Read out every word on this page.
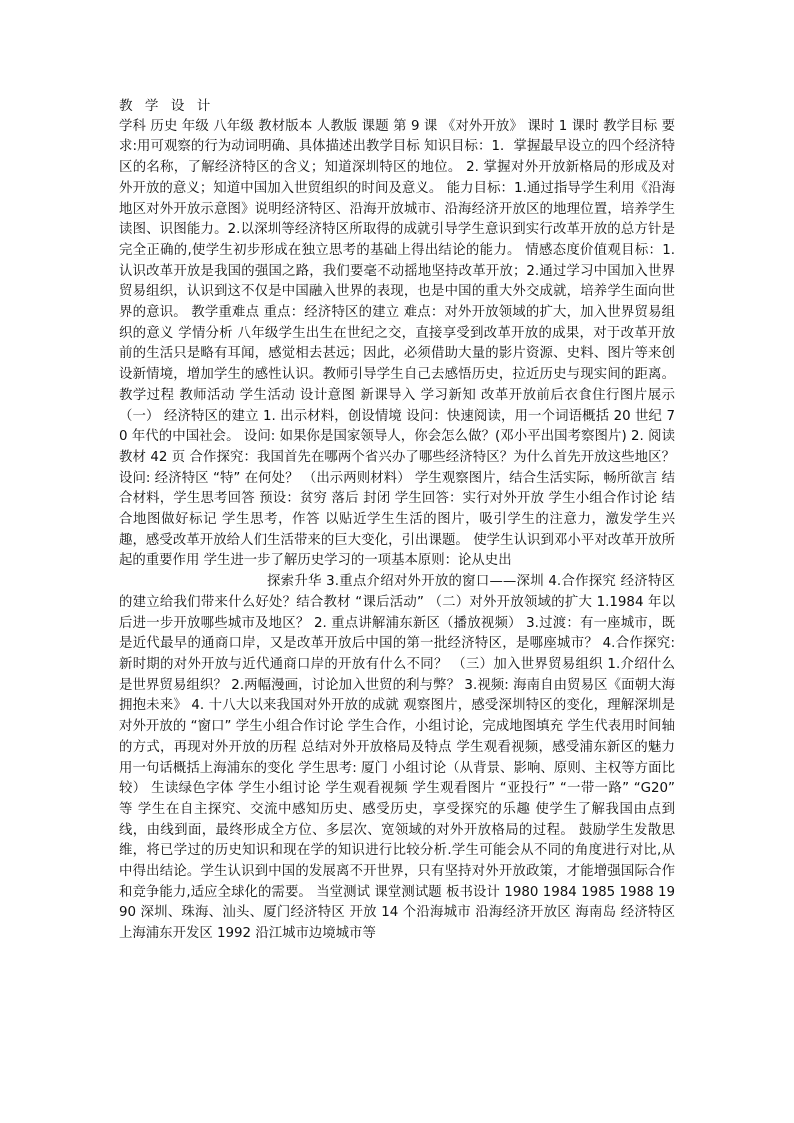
教 学 设 计

学科 历史 年级 八年级 教材版本 人教版 课题 第 9 课 《对外开放》 课时 1 课时 教学目标 要求:用可观察的行为动词明确、具体描述出教学目标 知识目标：1．掌握最早设立的四个经济特区的名称，了解经济特区的含义；知道深圳特区的地位。 2. 掌握对外开放新格局的形成及对外开放的意义；知道中国加入世贸组织的时间及意义。 能力目标：1.通过指导学生利用《沿海地区对外开放示意图》说明经济特区、沿海开放城市、沿海经济开放区的地理位置，培养学生读图、识图能力。2.以深圳等经济特区所取得的成就引导学生意识到实行改革开放的总方针是完全正确的,使学生初步形成在独立思考的基础上得出结论的能力。 情感态度价值观目标：1.认识改革开放是我国的强国之路，我们要毫不动摇地坚持改革开放；2.通过学习中国加入世界贸易组织，认识到这不仅是中国融入世界的表现，也是中国的重大外交成就，培养学生面向世界的意识。 教学重难点 重点：经济特区的建立 难点：对外开放领域的扩大，加入世界贸易组织的意义 学情分析 八年级学生出生在世纪之交，直接享受到改革开放的成果，对于改革开放前的生活只是略有耳闻，感觉相去甚远；因此，必须借助大量的影片资源、史料、图片等来创设新情境，增加学生的感性认识。教师引导学生自己去感悟历史，拉近历史与现实间的距离。 教学过程 教师活动 学生活动 设计意图 新课导入 学习新知 改革开放前后衣食住行图片展示 （一） 经济特区的建立 1. 出示材料，创设情境 设问：快速阅读，用一个词语概括 20 世纪 70 年代的中国社会。 设问: 如果你是国家领导人，你会怎么做？(邓小平出国考察图片) 2. 阅读教材 42 页 合作探究：我国首先在哪两个省兴办了哪些经济特区？为什么首先开放这些地区？ 设问: 经济特区 “特” 在何处？ （出示两则材料） 学生观察图片，结合生活实际，畅所欲言 结合材料，学生思考回答 预设：贫穷 落后 封闭 学生回答：实行对外开放 学生小组合作讨论 结合地图做好标记 学生思考，作答 以贴近学生生活的图片，吸引学生的注意力，激发学生兴趣，感受改革开放给人们生活带来的巨大变化，引出课题。 使学生认识到邓小平对改革开放所起的重要作用 学生进一步了解历史学习的一项基本原则：论从史出

探索升华 3.重点介绍对外开放的窗口——深圳 4.合作探究 经济特区的建立给我们带来什么好处？结合教材 “课后活动” （二）对外开放领域的扩大 1.1984 年以后进一步开放哪些城市及地区？ 2. 重点讲解浦东新区（播放视频） 3.过渡：有一座城市，既是近代最早的通商口岸，又是改革开放后中国的第一批经济特区，是哪座城市？ 4.合作探究: 新时期的对外开放与近代通商口岸的开放有什么不同？ （三）加入世界贸易组织 1.介绍什么是世界贸易组织？ 2.两幅漫画，讨论加入世贸的利与弊？ 3.视频: 海南自由贸易区《面朝大海 拥抱未来》 4. 十八大以来我国对外开放的成就 观察图片，感受深圳特区的变化，理解深圳是对外开放的 “窗口” 学生小组合作讨论 学生合作，小组讨论，完成地图填充 学生代表用时间轴的方式，再现对外开放的历程 总结对外开放格局及特点 学生观看视频，感受浦东新区的魅力 用一句话概括上海浦东的变化 学生思考: 厦门 小组讨论（从背景、影响、原则、主权等方面比较） 生读绿色字体 学生小组讨论 学生观看视频 学生观看图片 “亚投行” “一带一路” “G20” 等 学生在自主探究、交流中感知历史、感受历史，享受探究的乐趣 使学生了解我国由点到线，由线到面，最终形成全方位、多层次、宽领域的对外开放格局的过程。 鼓励学生发散思维，将已学过的历史知识和现在学的知识进行比较分析.学生可能会从不同的角度进行对比,从中得出结论。学生认识到中国的发展离不开世界，只有坚持对外开放政策，才能增强国际合作和竞争能力,适应全球化的需要。 当堂测试 课堂测试题 板书设计 1980 1984 1985 1988 1990 深圳、珠海、汕头、厦门经济特区 开放 14 个沿海城市 沿海经济开放区 海南岛 经济特区 上海浦东开发区 1992 沿江城市边境城市等
